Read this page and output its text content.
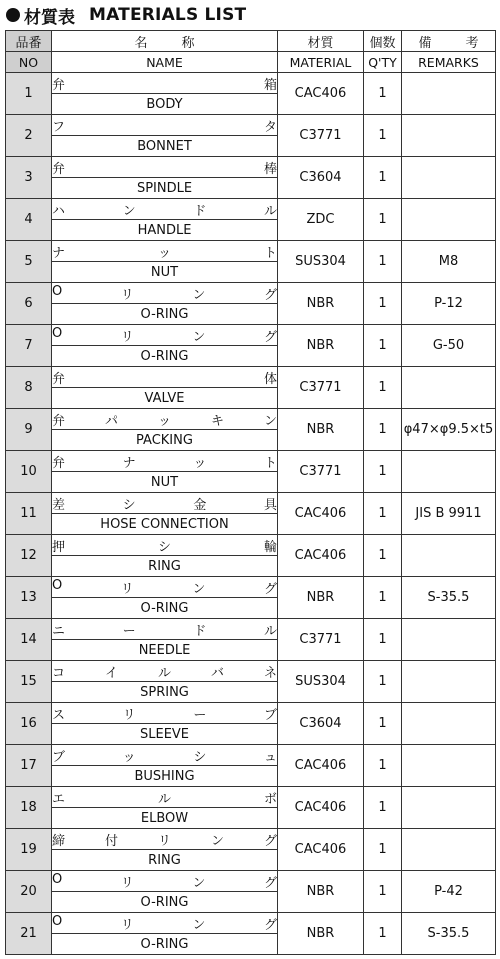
材質表 MATERIALS LIST
品番	名 称	材質	個数	備 考

NO	NAME	MATERIAL	Q'TY	REMARKS
1	弁 箱	CAC406	1	
	BODY			
2	フ タ	C3771	1	
	BONNET			
3	弁 棒	C3604	1	
	SPINDLE			
4	ハ ン ド ル	ZDC	1	
	HANDLE			
5	ナ ッ ト	SUS304	1	M8
	NUT			
6	O リ ン グ	NBR	1	P-12
	O-RING			
7	O リ ン グ	NBR	1	G-50
	O-RING			
8	弁 体	C3771	1	
	VALVE			
9	弁 パ ッ キ ン	NBR	1	φ47×φ9.5×t5
	PACKING			
10	弁 ナ ッ ト	C3771	1	
	NUT			
11	差 シ 金 具	CAC406	1	JIS B 9911
	HOSE CONNECTION			
12	押 シ 輪	CAC406	1	
	RING			
13	O リ ン グ	NBR	1	S-35.5
	O-RING			
14	ニ ー ド ル	C3771	1	
	NEEDLE			
15	コ イ ル バ ネ	SUS304	1	
	SPRING			
16	ス リ ー ブ	C3604	1	
	SLEEVE			
17	ブ ッ シ ュ	CAC406	1	
	BUSHING			
18	エ ル ボ	CAC406	1	
	ELBOW			
19	締 付 リ ン グ	CAC406	1	
	RING			
20	O リ ン グ	NBR	1	P-42
	O-RING			
21	O リ ン グ	NBR	1	S-35.5
	O-RING			
